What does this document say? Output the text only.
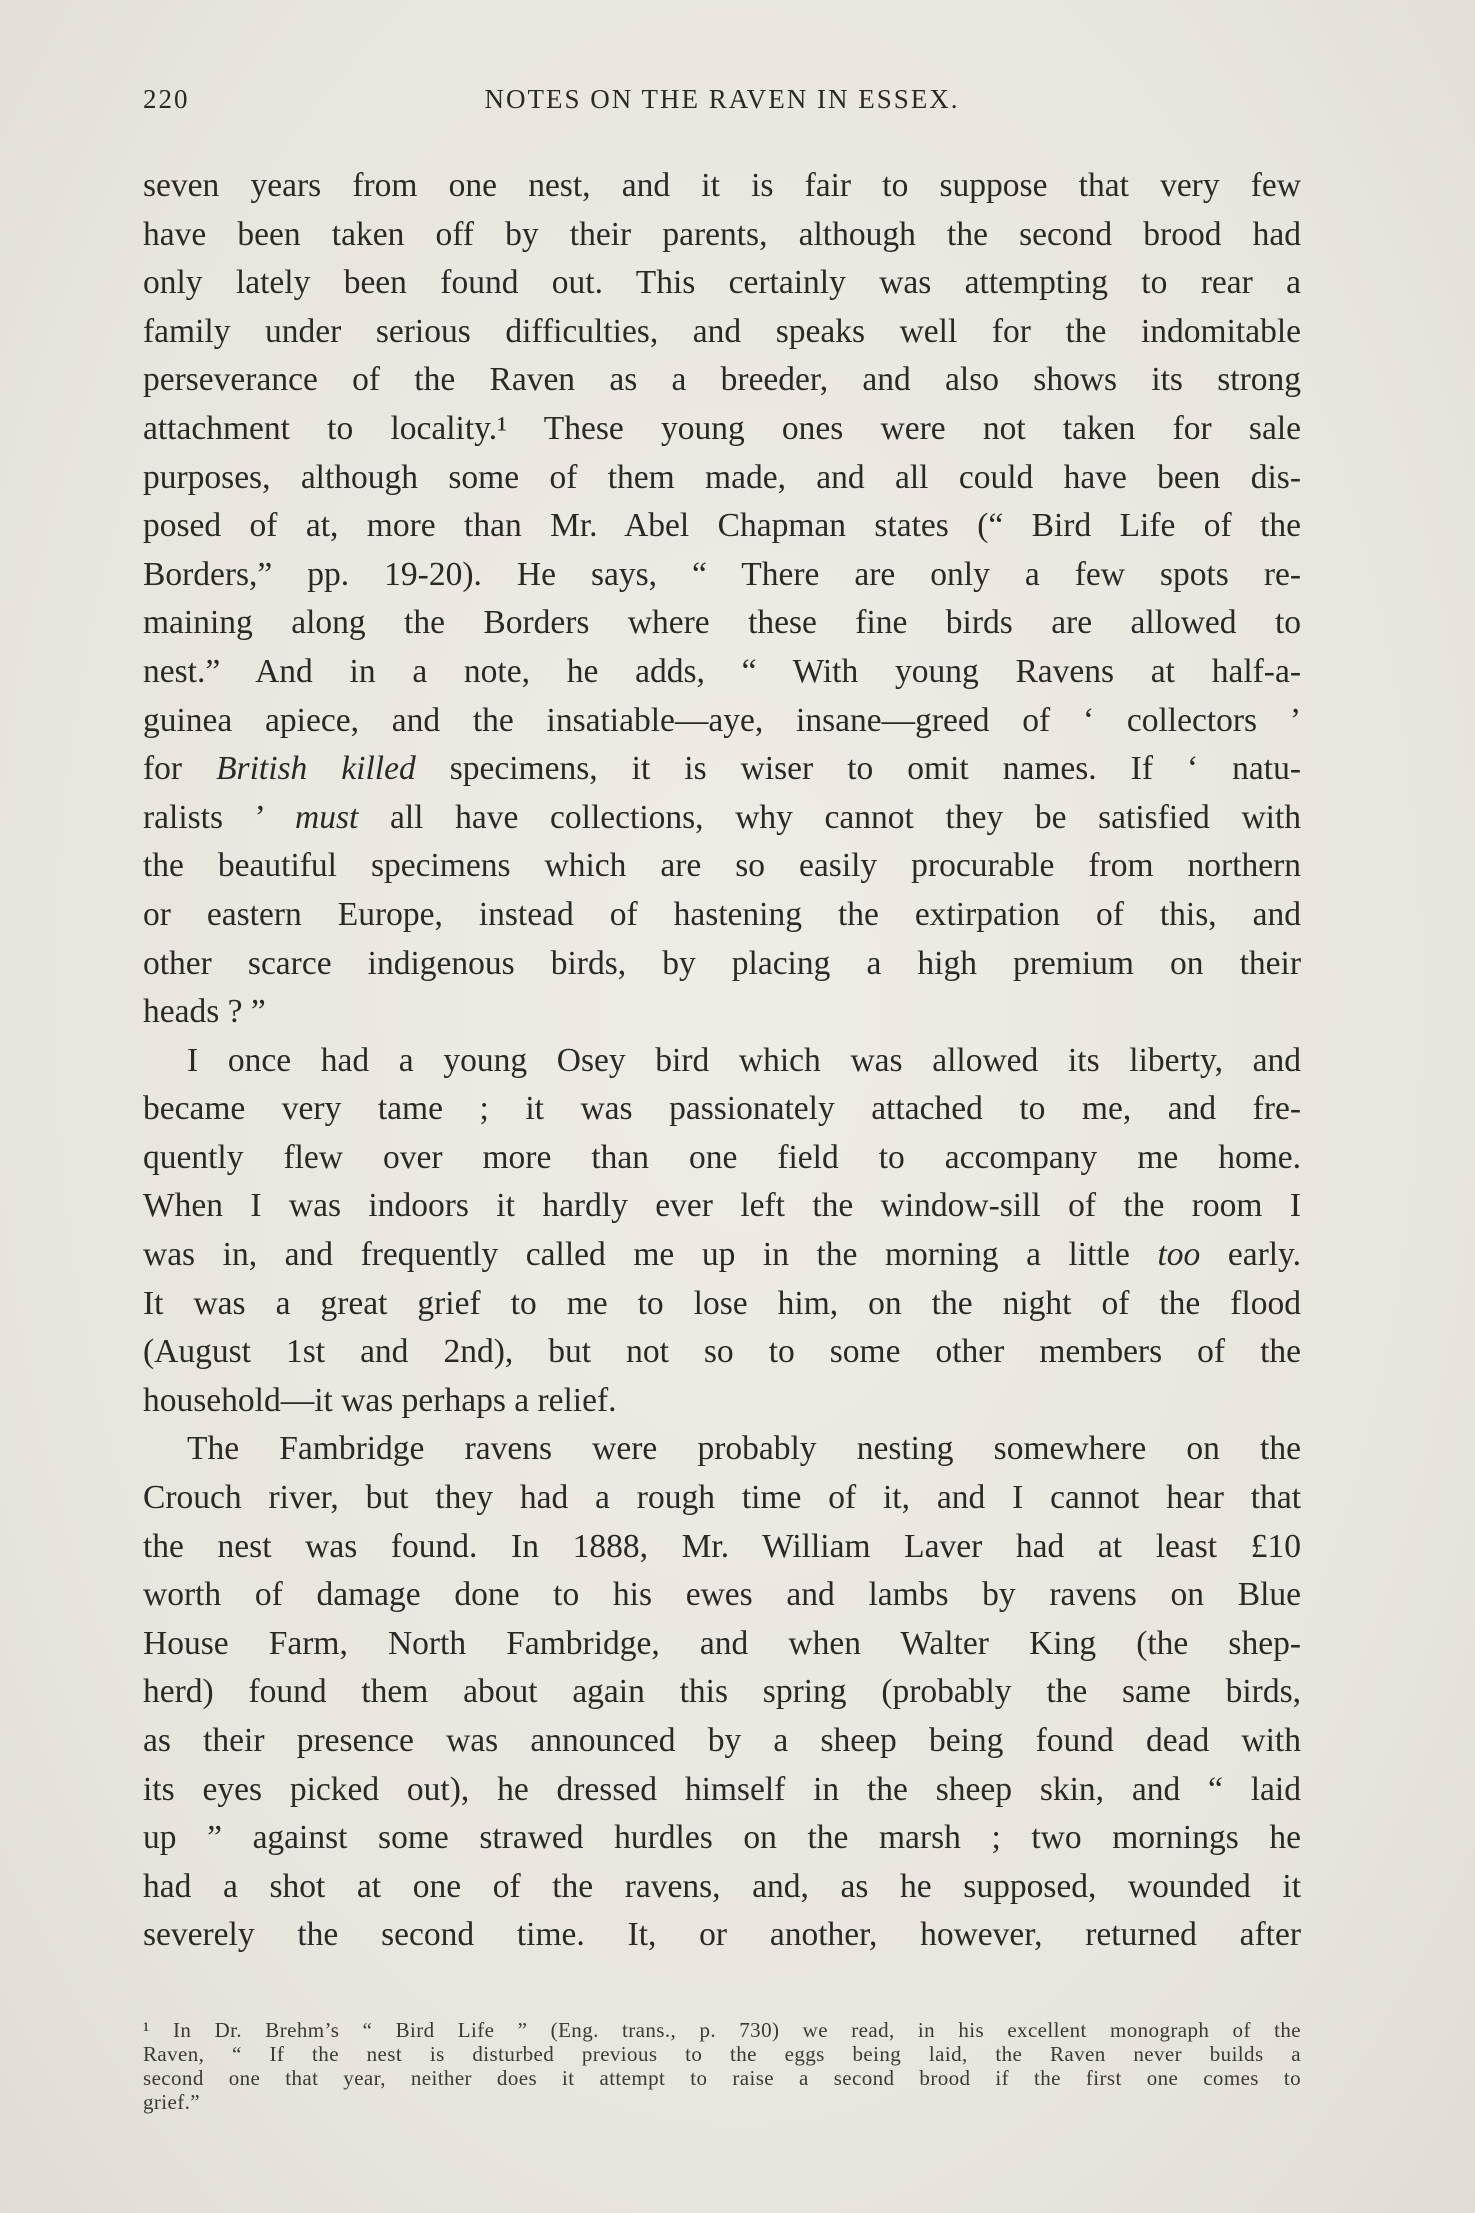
220	NOTES ON THE RAVEN IN ESSEX.

seven years from one nest, and it is fair to suppose that very few
have been taken off by their parents, although the second brood had
only lately been found out. This certainly was attempting to rear a
family under serious difficulties, and speaks well for the indomitable
perseverance of the Raven as a breeder, and also shows its strong
attachment to locality.¹ These young ones were not taken for sale
purposes, although some of them made, and all could have been dis-
posed of at, more than Mr. Abel Chapman states (“ Bird Life of the
Borders,” pp. 19-20). He says, “ There are only a few spots re-
maining along the Borders where these fine birds are allowed to
nest.” And in a note, he adds, “ With young Ravens at half-a-
guinea apiece, and the insatiable—aye, insane—greed of ‘ collectors ’
for British killed specimens, it is wiser to omit names. If ‘ natu-
ralists ’ must all have collections, why cannot they be satisfied with
the beautiful specimens which are so easily procurable from northern
or eastern Europe, instead of hastening the extirpation of this, and
other scarce indigenous birds, by placing a high premium on their
heads ? ”

I once had a young Osey bird which was allowed its liberty, and
became very tame ; it was passionately attached to me, and fre-
quently flew over more than one field to accompany me home.
When I was indoors it hardly ever left the window-sill of the room I
was in, and frequently called me up in the morning a little too early.
It was a great grief to me to lose him, on the night of the flood
(August 1st and 2nd), but not so to some other members of the
household—it was perhaps a relief.

The Fambridge ravens were probably nesting somewhere on the
Crouch river, but they had a rough time of it, and I cannot hear that
the nest was found. In 1888, Mr. William Laver had at least £10
worth of damage done to his ewes and lambs by ravens on Blue
House Farm, North Fambridge, and when Walter King (the shep-
herd) found them about again this spring (probably the same birds,
as their presence was announced by a sheep being found dead with
its eyes picked out), he dressed himself in the sheep skin, and “ laid
up ” against some strawed hurdles on the marsh ; two mornings he
had a shot at one of the ravens, and, as he supposed, wounded it
severely the second time. It, or another, however, returned after

¹ In Dr. Brehm’s “ Bird Life ” (Eng. trans., p. 730) we read, in his excellent monograph of the
Raven, “ If the nest is disturbed previous to the eggs being laid, the Raven never builds a
second one that year, neither does it attempt to raise a second brood if the first one comes to
grief.”
